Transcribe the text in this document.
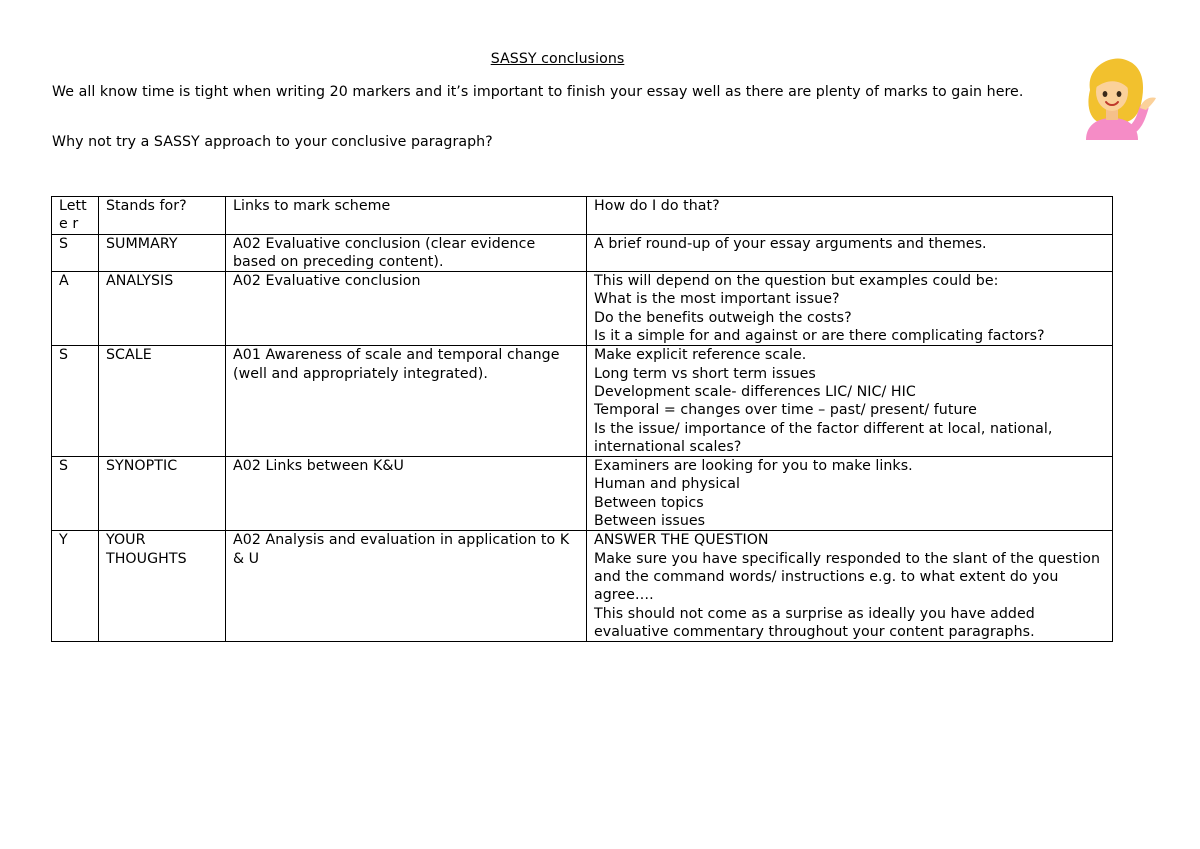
SASSY conclusions

We all know time is tight when writing 20 markers and it’s important to finish your essay well as there are plenty of marks to gain here.

Why not try a SASSY approach to your conclusive paragraph?

Lette r	Stands for?	Links to mark scheme	How do I do that?
S	SUMMARY	A02 Evaluative conclusion (clear evidence based on preceding content).	A brief round-up of your essay arguments and themes.

A	ANALYSIS	A02 Evaluative conclusion	This will depend on the question but examples could be:
What is the most important issue?
Do the benefits outweigh the costs?
Is it a simple for and against or are there complicating factors?

S	SCALE	A01 Awareness of scale and temporal change (well and appropriately integrated).	Make explicit reference scale.
Long term vs short term issues
Development scale- differences LIC/ NIC/ HIC
Temporal = changes over time – past/ present/ future
Is the issue/ importance of the factor different at local, national, international scales?

S	SYNOPTIC	A02 Links between K&U	Examiners are looking for you to make links.
Human and physical
Between topics
Between issues

Y	YOUR THOUGHTS	A02 Analysis and evaluation in application to K & U	ANSWER THE QUESTION
Make sure you have specifically responded to the slant of the question and the command words/ instructions e.g. to what extent do you agree….
This should not come as a surprise as ideally you have added evaluative commentary throughout your content paragraphs.
